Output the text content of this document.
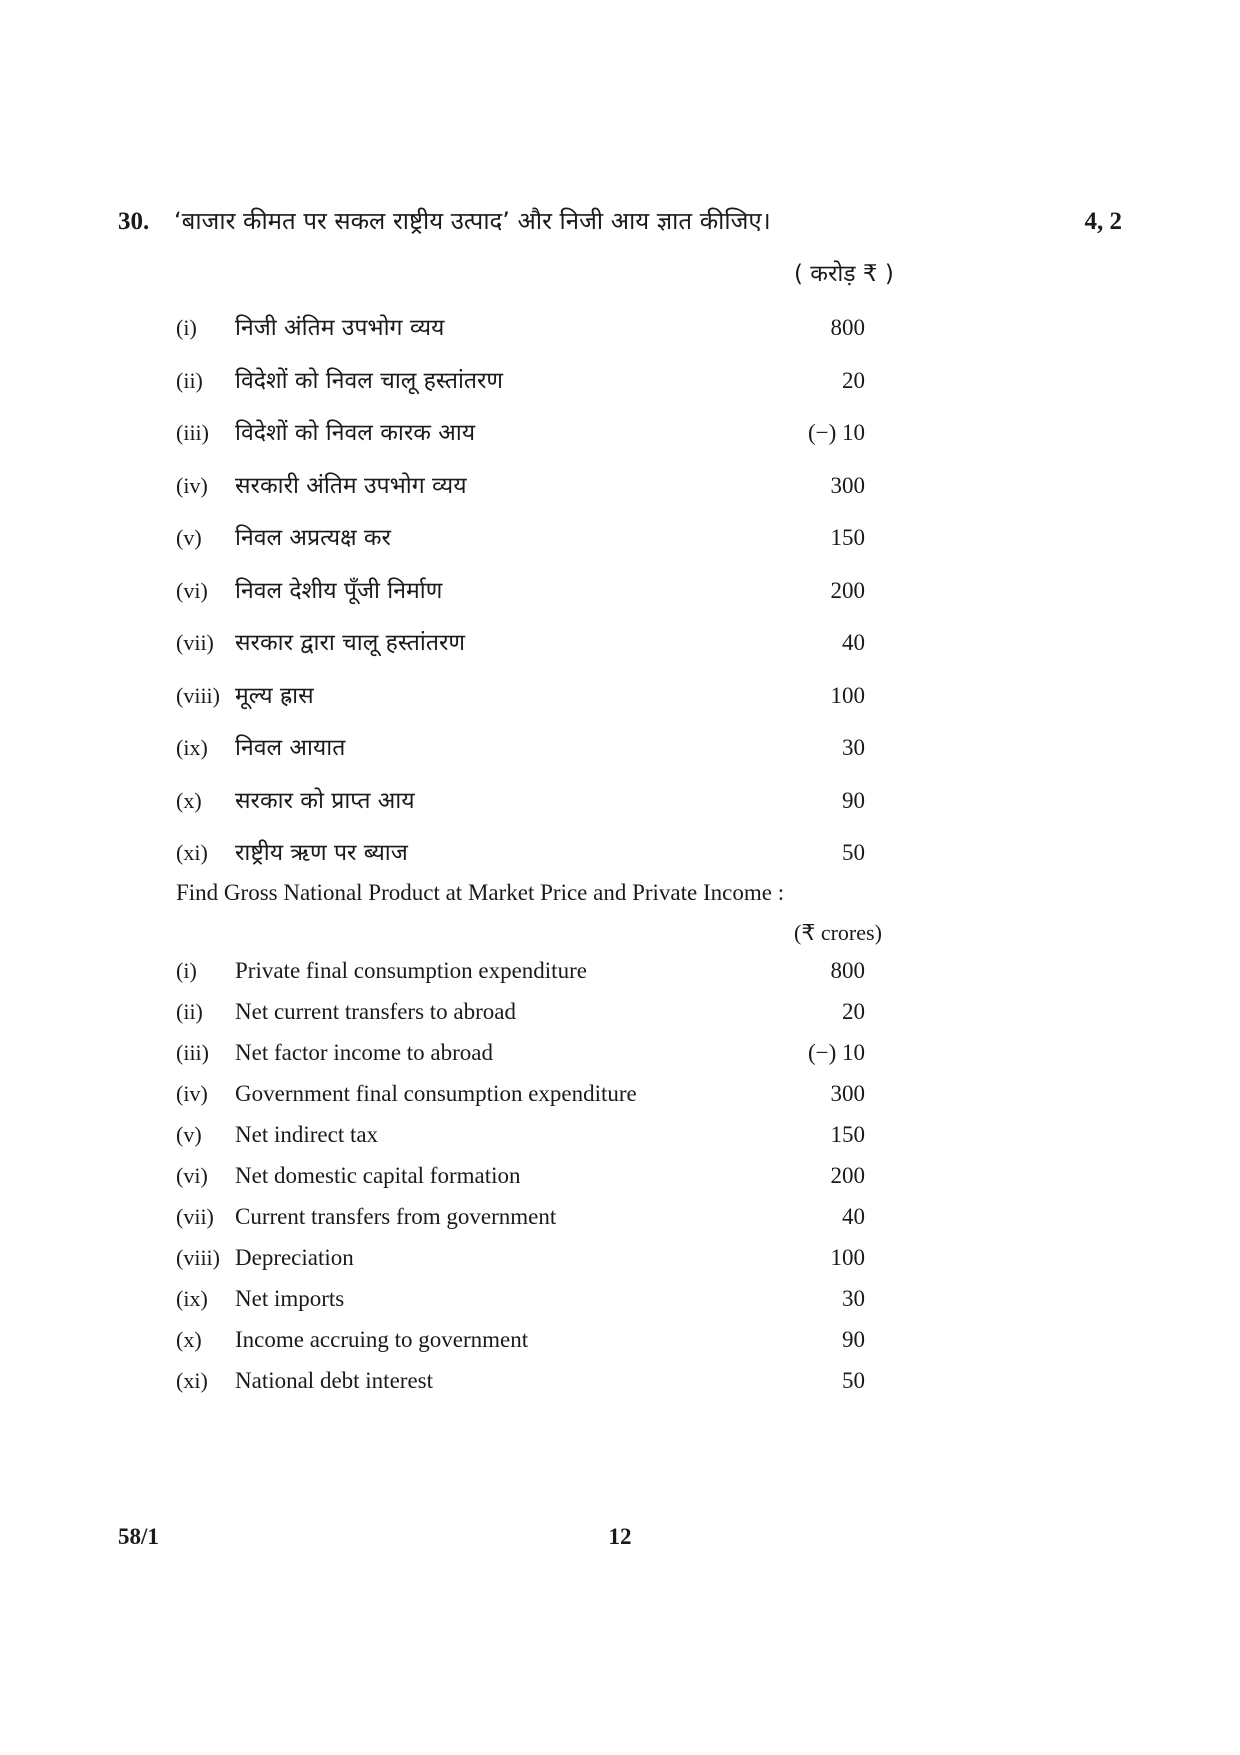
30. ‘बाजार कीमत पर सकल राष्ट्रीय उत्पाद’ और निजी आय ज्ञात कीजिए।	4, 2
( करोड़ ₹ )
(i) निजी अंतिम उपभोग व्यय	800
(ii) विदेशों को निवल चालू हस्तांतरण	20
(iii) विदेशों को निवल कारक आय	(−) 10
(iv) सरकारी अंतिम उपभोग व्यय	300
(v) निवल अप्रत्यक्ष कर	150
(vi) निवल देशीय पूँजी निर्माण	200
(vii) सरकार द्वारा चालू हस्तांतरण	40
(viii) मूल्य ह्रास	100
(ix) निवल आयात	30
(x) सरकार को प्राप्त आय	90
(xi) राष्ट्रीय ऋण पर ब्याज	50
Find Gross National Product at Market Price and Private Income :
(₹ crores)
(i) Private final consumption expenditure	800
(ii) Net current transfers to abroad	20
(iii) Net factor income to abroad	(−) 10
(iv) Government final consumption expenditure	300
(v) Net indirect tax	150
(vi) Net domestic capital formation	200
(vii) Current transfers from government	40
(viii) Depreciation	100
(ix) Net imports	30
(x) Income accruing to government	90
(xi) National debt interest	50
58/1	12
